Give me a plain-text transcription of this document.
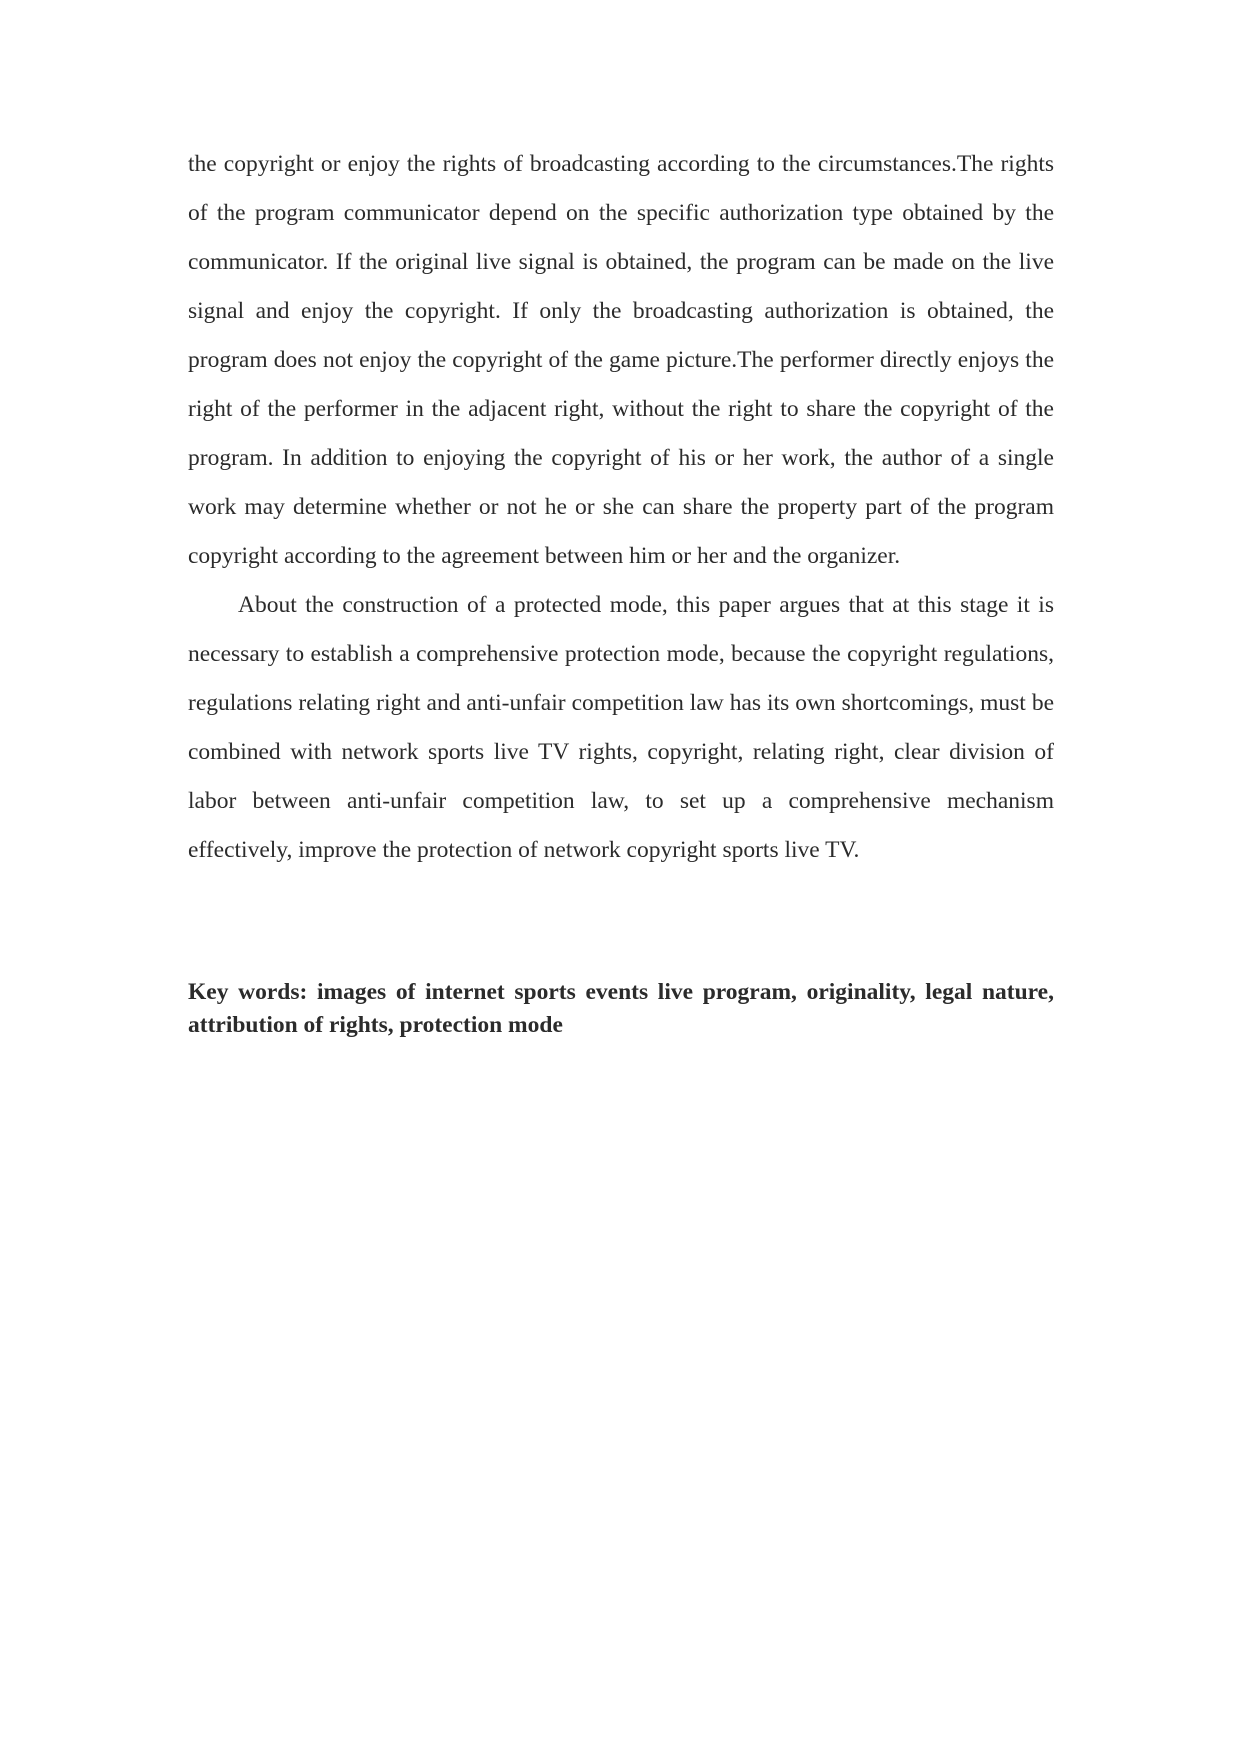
the copyright or enjoy the rights of broadcasting according to the circumstances.The rights of the program communicator depend on the specific authorization type obtained by the communicator. If the original live signal is obtained, the program can be made on the live signal and enjoy the copyright. If only the broadcasting authorization is obtained, the program does not enjoy the copyright of the game picture.The performer directly enjoys the right of the performer in the adjacent right, without the right to share the copyright of the program. In addition to enjoying the copyright of his or her work, the author of a single work may determine whether or not he or she can share the property part of the program copyright according to the agreement between him or her and the organizer.

About the construction of a protected mode, this paper argues that at this stage it is necessary to establish a comprehensive protection mode, because the copyright regulations, regulations relating right and anti-unfair competition law has its own shortcomings, must be combined with network sports live TV rights, copyright, relating right, clear division of labor between anti-unfair competition law, to set up a comprehensive mechanism effectively, improve the protection of network copyright sports live TV.

Key words: images of internet sports events live program, originality, legal nature, attribution of rights, protection mode
